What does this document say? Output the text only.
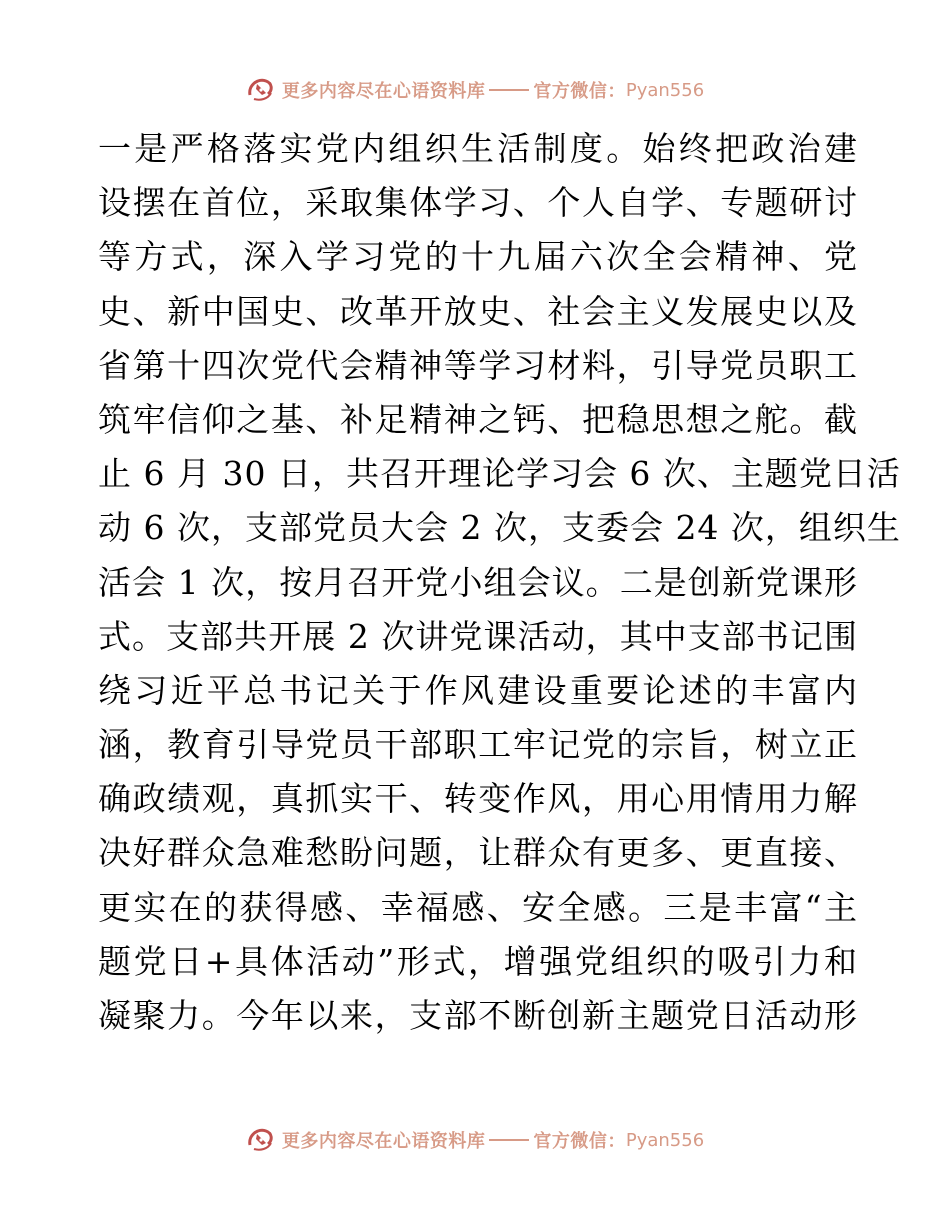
更多内容尽在心语资料库	官方微信： Pyan556
一是严格落实党内组织生活制度。始终把政治建
设摆在首位，采取集体学习、个人自学、专题研讨
等方式，深入学习党的十九届六次全会精神、党
史、新中国史、改革开放史、社会主义发展史以及
省第十四次党代会精神等学习材料，引导党员职工
筑牢信仰之基、补足精神之钙、把稳思想之舵。截
止 6 月 30 日，共召开理论学习会 6 次、主题党日活
动 6 次，支部党员大会 2 次，支委会 24 次，组织生
活会 1 次，按月召开党小组会议。二是创新党课形
式。支部共开展 2 次讲党课活动，其中支部书记围
绕习近平总书记关于作风建设重要论述的丰富内
涵，教育引导党员干部职工牢记党的宗旨，树立正
确政绩观，真抓实干、转变作风，用心用情用力解
决好群众急难愁盼问题，让群众有更多、更直接、
更实在的获得感、幸福感、安全感。三是丰富“主
题党日+具体活动”形式，增强党组织的吸引力和
凝聚力。今年以来，支部不断创新主题党日活动形
更多内容尽在心语资料库	官方微信： Pyan556
